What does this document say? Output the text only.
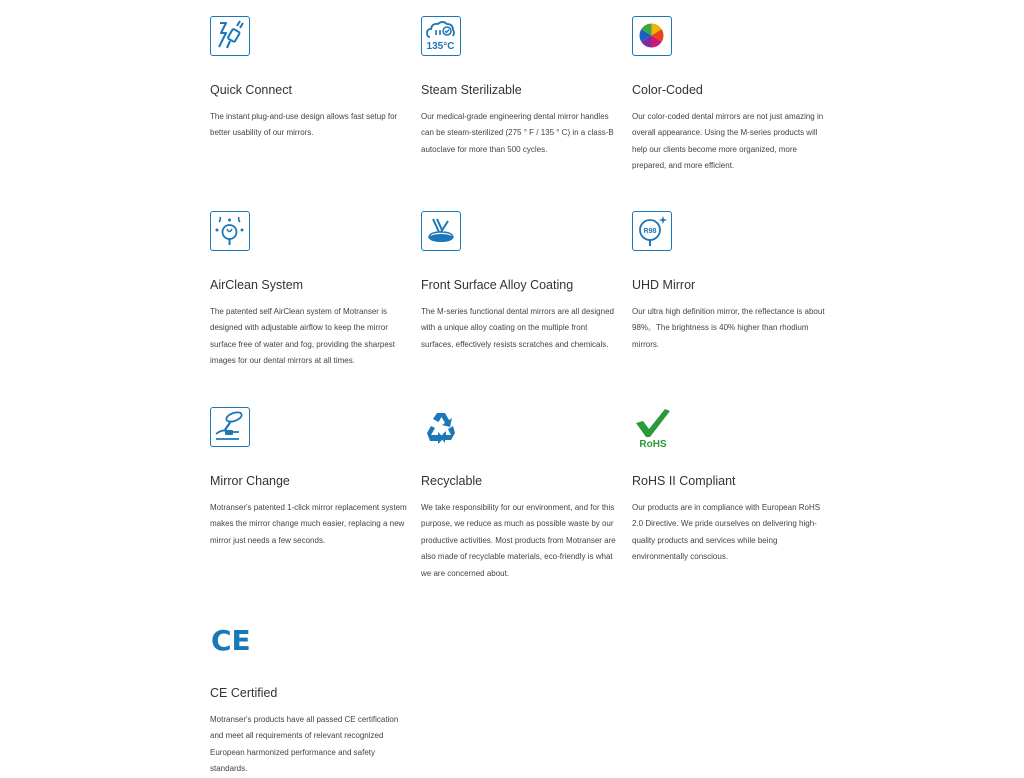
Quick Connect
The instant plug-and-use design allows fast setup for better usability of our mirrors.
135°C
Steam Sterilizable
Our medical-grade engineering dental mirror handles can be steam-sterilized (275 ° F / 135 ° C) in a class-B autoclave for more than 500 cycles.
Color-Coded
Our color-coded dental mirrors are not just amazing in overall appearance. Using the M-series products will help our clients become more organized, more prepared, and more efficient.
AirClean System
The patented self AirClean system of Motranser is designed with adjustable airflow to keep the mirror surface free of water and fog, providing the sharpest images for our dental mirrors at all times.
Front Surface Alloy Coating
The M-series functional dental mirrors are all designed with a unique alloy coating on the multiple front surfaces, effectively resists scratches and chemicals.
R98
UHD Mirror
Our ultra high definition mirror, the reflectance is about 98%。The brightness is 40% higher than rhodium mirrors.
Mirror Change
Motranser's patented 1-click mirror replacement system makes the mirror change much easier, replacing a new mirror just needs a few seconds.
Recyclable
We take responsibility for our environment, and for this purpose, we reduce as much as possible waste by our productive activities. Most products from Motranser are also made of recyclable materials, eco-friendly is what we are concerned about.
RoHS
RoHS II Compliant
Our products are in compliance with European RoHS 2.0 Directive. We pride ourselves on delivering high-quality products and services while being environmentally conscious.
CE
CE Certified
Motranser's products have all passed CE certification and meet all requirements of relevant recognized European harmonized performance and safety standards.
